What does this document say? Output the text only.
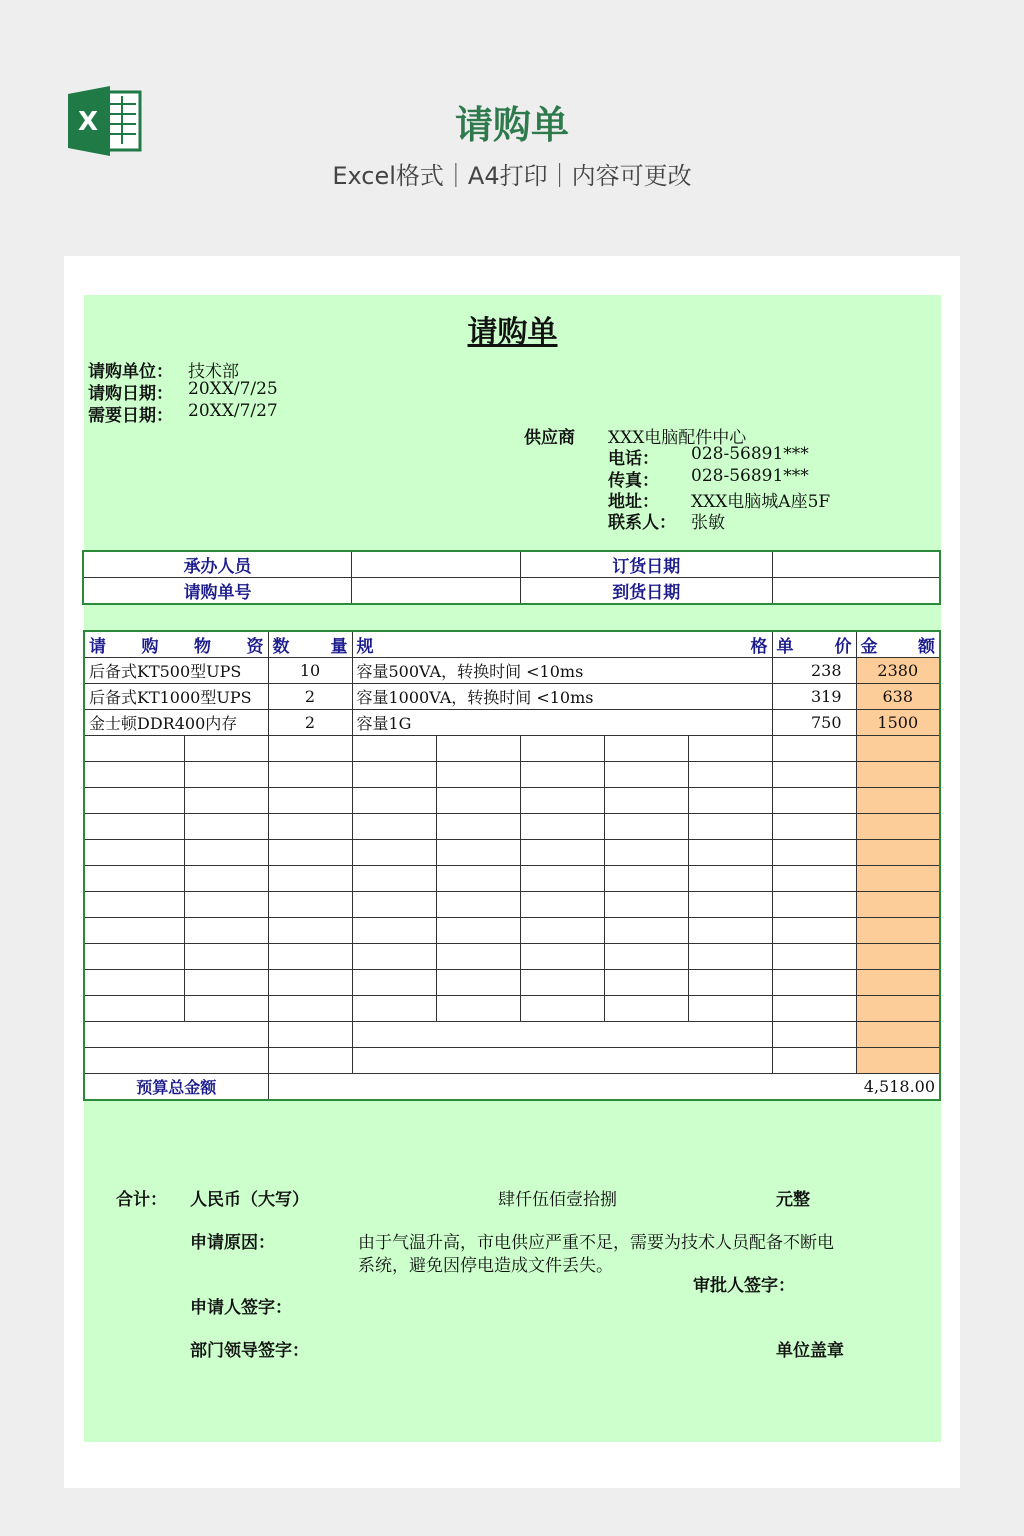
X	请购单
Excel格式｜A4打印｜内容可更改
请购单
请购单位： 技术部
请购日期： 20XX/7/25
需要日期： 20XX/7/27
供应商 XXX电脑配件中心
电话： 028-56891***
传真： 028-56891***
地址： XXX电脑城A座5F
联系人： 张敏
合计： 人民币（大写）	肆仟伍佰壹拾捌	元整
申请原因：	由于气温升高，市电供应严重不足，需要为技术人员配备不断电
系统，避免因停电造成文件丢失。
审批人签字：
申请人签字：
部门领导签字：	单位盖章
承办人员		订货日期	
请购单号		到货日期	
请 购 物 资		数 量	规 格					单 价	金 额

后备式KT500型UPS		10	容量500VA，转换时间 <10ms					238	2380
后备式KT1000型UPS		2	容量1000VA，转换时间 <10ms					319	638
金士顿DDR400内存		2	容量1G					750	1500

预算总金额		4,518.00							
